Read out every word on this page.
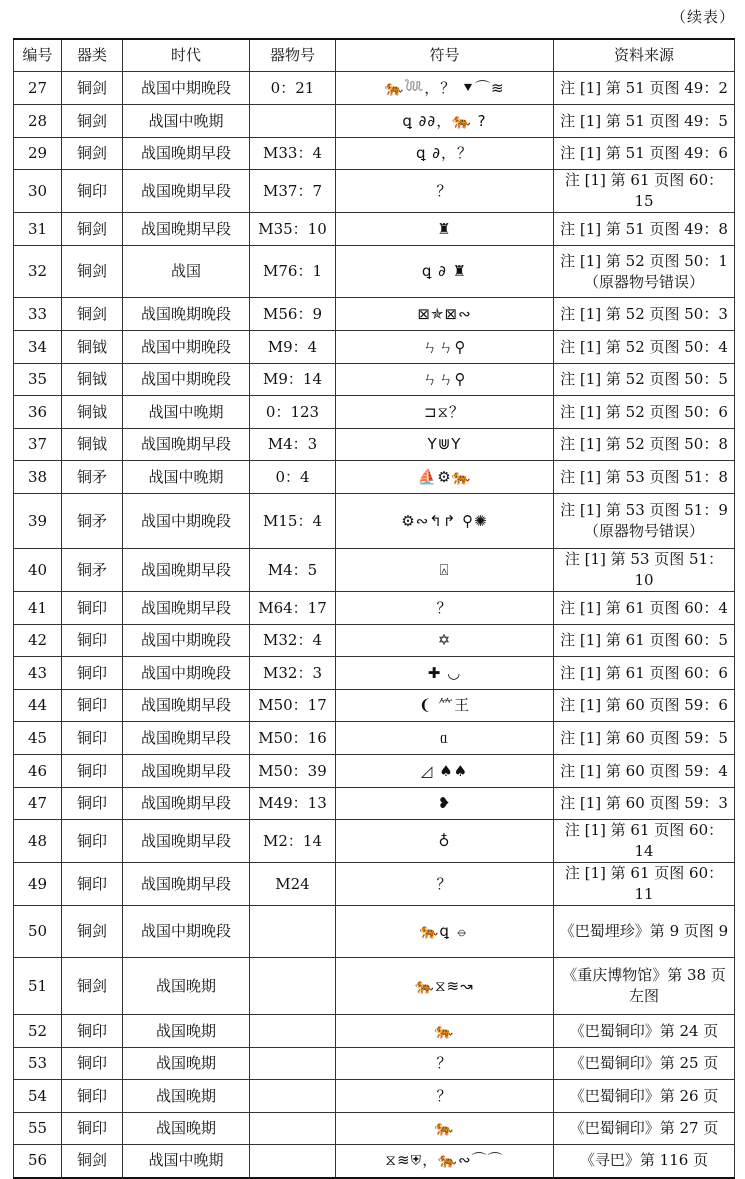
（续表）
编号	器类	时代	器物号	符号	资料来源
27	铜剑	战国中期晚段	0：21	🐅𓆙，？ ⯆⌒≋	注 [1] 第 51 页图 49：2
28	铜剑	战国中晚期		ꝗ ∂∂，🐅 ?	注 [1] 第 51 页图 49：5
29	铜剑	战国晚期早段	M33：4	ꝗ ∂，？	注 [1] 第 51 页图 49：6
30	铜印	战国晚期早段	M37：7	？	注 [1] 第 61 页图 60：15
31	铜剑	战国晚期早段	M35：10	♜	注 [1] 第 51 页图 49：8
32	铜剑	战国	M76：1	ꝗ ∂ ♜	注 [1] 第 52 页图 50：1（原器物号错误）
33	铜剑	战国晚期晚段	M56：9	⊠✯⊠∾	注 [1] 第 52 页图 50：3
34	铜钺	战国中期晚段	M9：4	ㄣㄣ⚲	注 [1] 第 52 页图 50：4
35	铜钺	战国中期晚段	M9：14	ㄣㄣ⚲	注 [1] 第 52 页图 50：5
36	铜钺	战国中晚期	0：123	⊐⧖？	注 [1] 第 52 页图 50：6
37	铜钺	战国晚期早段	M4：3	Y⋓Y	注 [1] 第 52 页图 50：8
38	铜矛	战国中晚期	0：4	⛵⚙🐅	注 [1] 第 53 页图 51：8
39	铜矛	战国中期晚段	M15：4	⚙∾↰↱ ⚲✺	注 [1] 第 53 页图 51：9（原器物号错误）
40	铜矛	战国晚期早段	M4：5	⍓	注 [1] 第 53 页图 51：10
41	铜印	战国晚期早段	M64：17	？	注 [1] 第 61 页图 60：4
42	铜印	战国中期晚段	M32：4	✡	注 [1] 第 61 页图 60：5
43	铜印	战国中期晚段	M32：3	✚ ◡	注 [1] 第 61 页图 60：6
44	铜印	战国晚期早段	M50：17	❨ ⺮王	注 [1] 第 60 页图 59：6
45	铜印	战国晚期早段	M50：16	ᥲ	注 [1] 第 60 页图 59：5
46	铜印	战国晚期早段	M50：39	◿ ♠♠	注 [1] 第 60 页图 59：4
47	铜印	战国晚期早段	M49：13	❥	注 [1] 第 60 页图 59：3
48	铜印	战国晚期早段	M2：14	♁	注 [1] 第 61 页图 60：14
49	铜印	战国晚期早段	M24	？	注 [1] 第 61 页图 60：11
50	铜剑	战国中期晚段		🐅ꝗ ⦵	《巴蜀埋珍》第 9 页图 9
51	铜剑	战国晚期		🐅⧖≋↝	《重庆博物馆》第 38 页左图
52	铜印	战国晚期		🐅	《巴蜀铜印》第 24 页
53	铜印	战国晚期		？	《巴蜀铜印》第 25 页
54	铜印	战国晚期		？	《巴蜀铜印》第 26 页
55	铜印	战国晚期		🐅	《巴蜀铜印》第 27 页
56	铜剑	战国中晚期		⧖≋⛨，🐅∾⌒⌒	《寻巴》第 116 页
